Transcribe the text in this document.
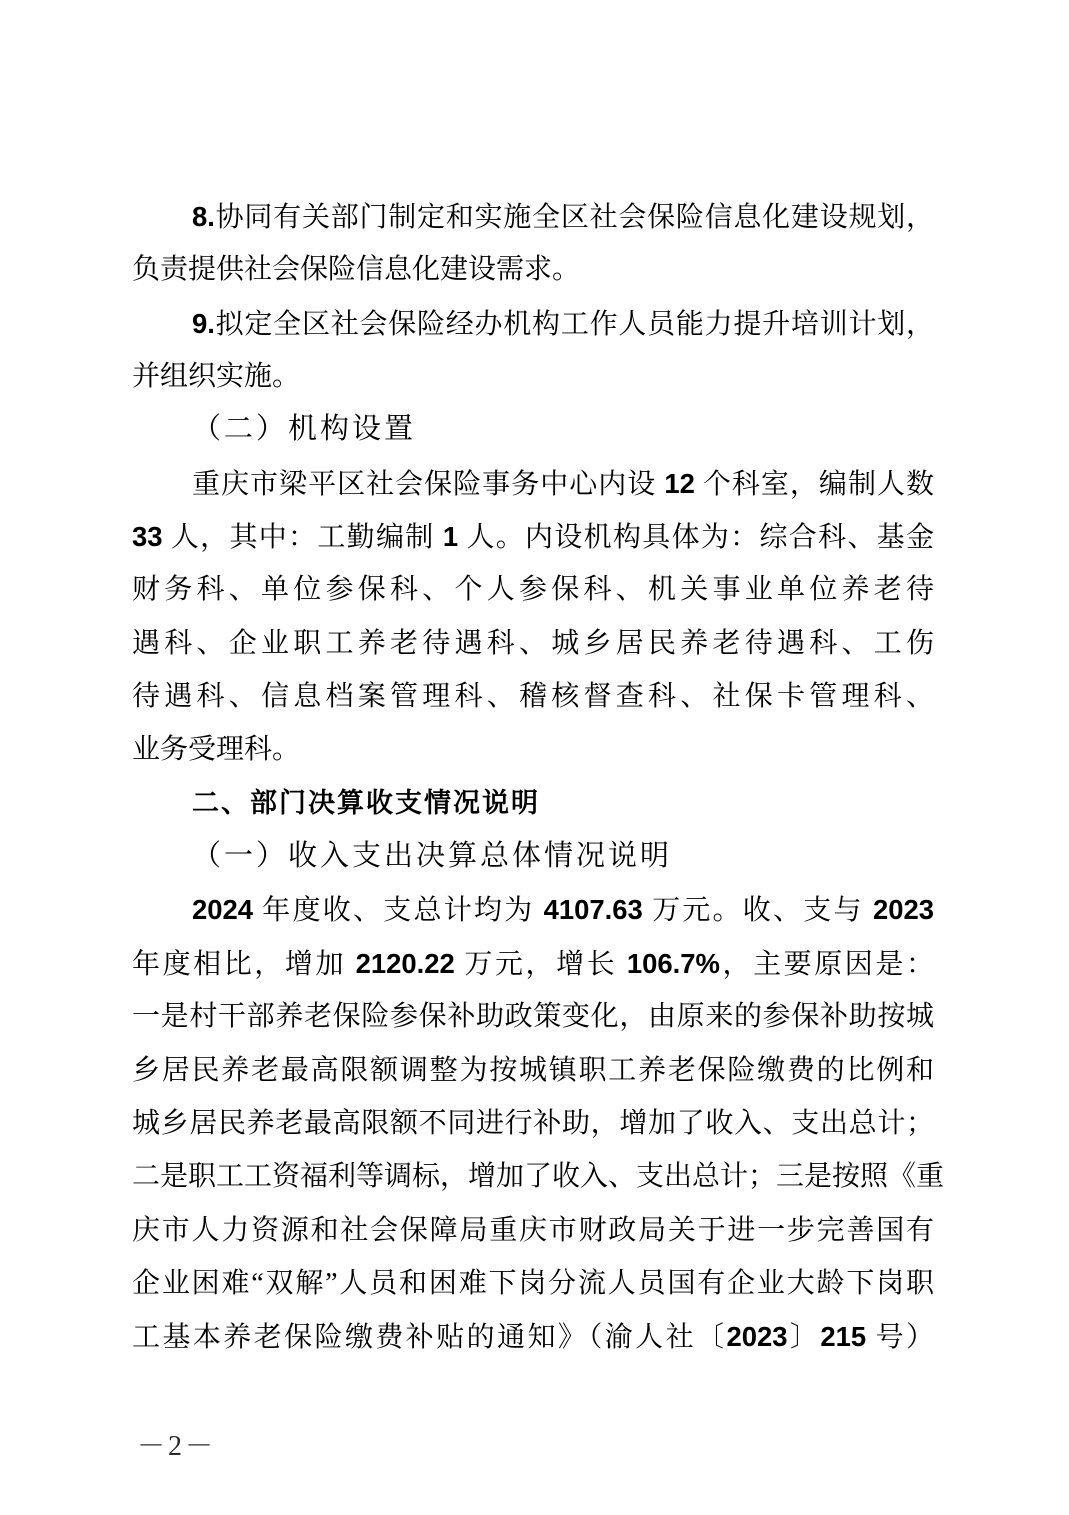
8.协同有关部门制定和实施全区社会保险信息化建设规划，
负责提供社会保险信息化建设需求。
9.拟定全区社会保险经办机构工作人员能力提升培训计划，
并组织实施。
（二）机构设置
重庆市梁平区社会保险事务中心内设 12 个科室，编制人数
33 人，其中：工勤编制 1 人。内设机构具体为：综合科、基金
财务科、单位参保科、个人参保科、机关事业单位养老待
遇科、企业职工养老待遇科、城乡居民养老待遇科、工伤
待遇科、信息档案管理科、稽核督查科、社保卡管理科、
业务受理科。
二、部门决算收支情况说明
（一）收入支出决算总体情况说明
2024 年度收、支总计均为 4107.63 万元。收、支与 2023
年度相比，增加 2120.22 万元，增长 106.7%，主要原因是：
一是村干部养老保险参保补助政策变化，由原来的参保补助按城
乡居民养老最高限额调整为按城镇职工养老保险缴费的比例和
城乡居民养老最高限额不同进行补助，增加了收入、支出总计；
二是职工工资福利等调标，增加了收入、支出总计；三是按照《重
庆市人力资源和社会保障局重庆市财政局关于进一步完善国有
企业困难“双解”人员和困难下岗分流人员国有企业大龄下岗职
工基本养老保险缴费补贴的通知》（渝人社〔2023〕215 号）
－2－
